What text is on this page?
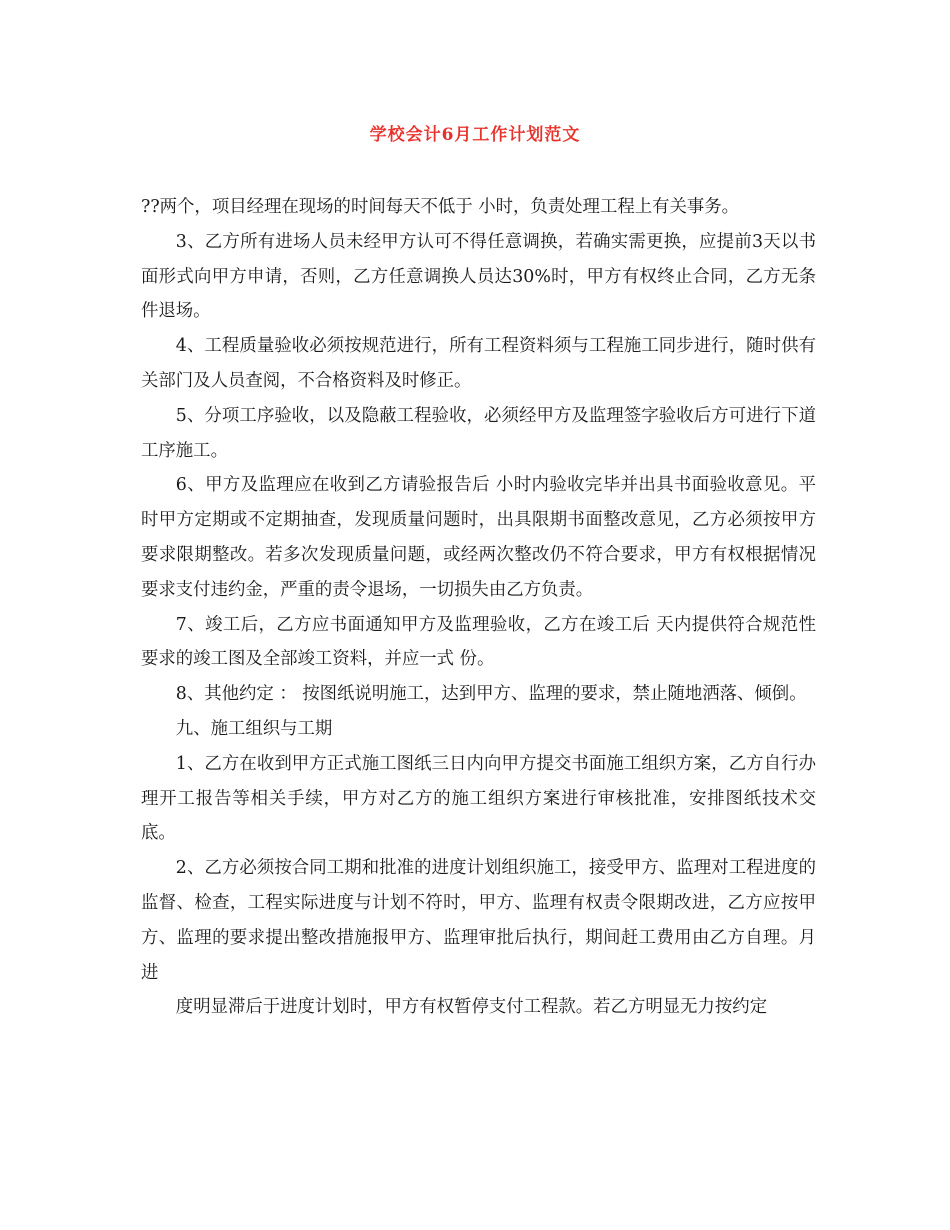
学校会计6月工作计划范文

??两个，项目经理在现场的时间每天不低于 小时，负责处理工程上有关事务。

3、乙方所有进场人员未经甲方认可不得任意调换，若确实需更换，应提前3天以书面形式向甲方申请，否则，乙方任意调换人员达30%时，甲方有权终止合同，乙方无条件退场。

4、工程质量验收必须按规范进行，所有工程资料须与工程施工同步进行，随时供有关部门及人员查阅，不合格资料及时修正。

5、分项工序验收，以及隐蔽工程验收，必须经甲方及监理签字验收后方可进行下道工序施工。

6、甲方及监理应在收到乙方请验报告后 小时内验收完毕并出具书面验收意见。平时甲方定期或不定期抽查，发现质量问题时，出具限期书面整改意见，乙方必须按甲方要求限期整改。若多次发现质量问题，或经两次整改仍不符合要求，甲方有权根据情况要求支付违约金，严重的责令退场，一切损失由乙方负责。

7、竣工后，乙方应书面通知甲方及监理验收，乙方在竣工后 天内提供符合规范性要求的竣工图及全部竣工资料，并应一式 份。

8、其他约定 ： 按图纸说明施工，达到甲方、监理的要求，禁止随地洒落、倾倒。

九、施工组织与工期

1、乙方在收到甲方正式施工图纸三日内向甲方提交书面施工组织方案，乙方自行办理开工报告等相关手续，甲方对乙方的施工组织方案进行审核批准，安排图纸技术交底。

2、乙方必须按合同工期和批准的进度计划组织施工，接受甲方、监理对工程进度的监督、检查，工程实际进度与计划不符时，甲方、监理有权责令限期改进，乙方应按甲方、监理的要求提出整改措施报甲方、监理审批后执行，期间赶工费用由乙方自理。月进

度明显滞后于进度计划时，甲方有权暂停支付工程款。若乙方明显无力按约定
